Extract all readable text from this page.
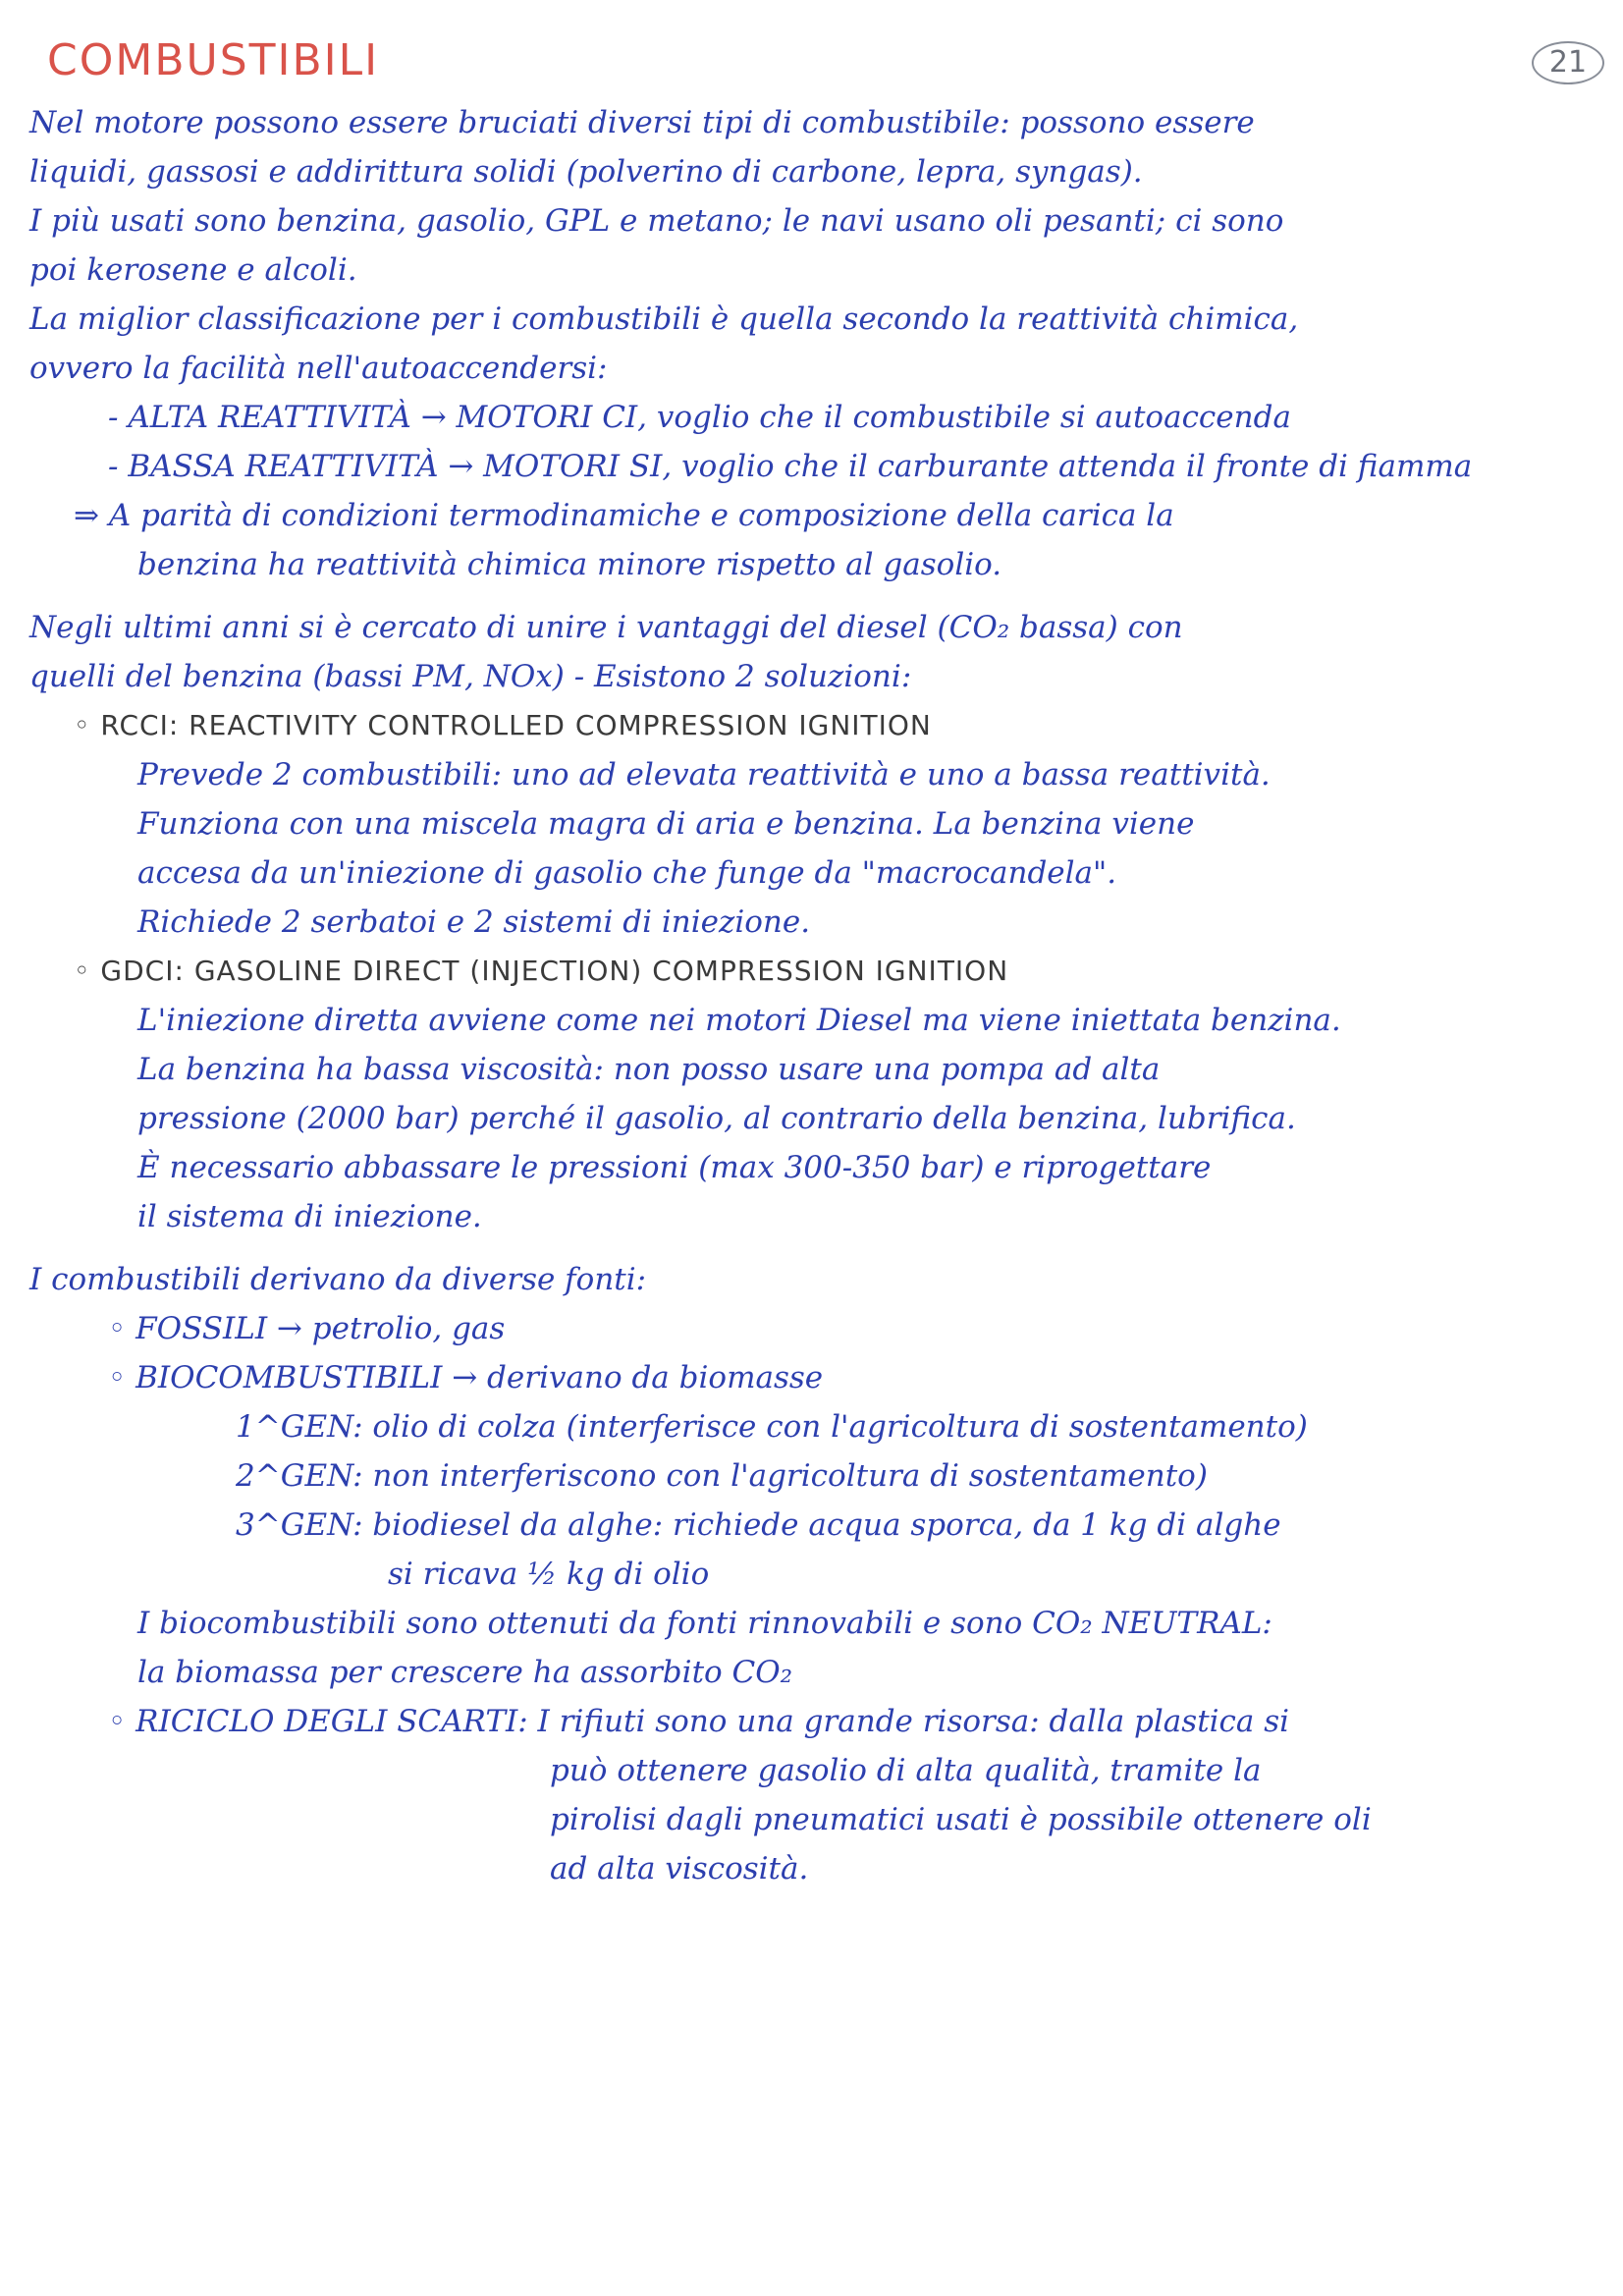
COMBUSTIBILI	21
Nel motore possono essere bruciati diversi tipi di combustibile: possono essere
liquidi, gassosi e addirittura solidi (polverino di carbone, lepra, syngas).
I più usati sono benzina, gasolio, GPL e metano; le navi usano oli pesanti; ci sono
poi kerosene e alcoli.
La miglior classificazione per i combustibili è quella secondo la reattività chimica,
ovvero la facilità nell'autoaccendersi:
- ALTA REATTIVITÀ → MOTORI CI, voglio che il combustibile si autoaccenda
- BASSA REATTIVITÀ → MOTORI SI, voglio che il carburante attenda il fronte di fiamma
⇒ A parità di condizioni termodinamiche e composizione della carica la
benzina ha reattività chimica minore rispetto al gasolio.
Negli ultimi anni si è cercato di unire i vantaggi del diesel (CO₂ bassa) con
quelli del benzina (bassi PM, NOx) - Esistono 2 soluzioni:
◦ RCCI: REACTIVITY CONTROLLED COMPRESSION IGNITION
Prevede 2 combustibili: uno ad elevata reattività e uno a bassa reattività.
Funziona con una miscela magra di aria e benzina. La benzina viene
accesa da un'iniezione di gasolio che funge da "macrocandela".
Richiede 2 serbatoi e 2 sistemi di iniezione.
◦ GDCI: GASOLINE DIRECT (INJECTION) COMPRESSION IGNITION
L'iniezione diretta avviene come nei motori Diesel ma viene iniettata benzina.
La benzina ha bassa viscosità: non posso usare una pompa ad alta
pressione (2000 bar) perché il gasolio, al contrario della benzina, lubrifica.
È necessario abbassare le pressioni (max 300-350 bar) e riprogettare
il sistema di iniezione.
I combustibili derivano da diverse fonti:
◦ FOSSILI → petrolio, gas
◦ BIOCOMBUSTIBILI → derivano da biomasse
1^GEN: olio di colza (interferisce con l'agricoltura di sostentamento)
2^GEN: non interferiscono con l'agricoltura di sostentamento)
3^GEN: biodiesel da alghe: richiede acqua sporca, da 1 kg di alghe
si ricava ½ kg di olio
I biocombustibili sono ottenuti da fonti rinnovabili e sono CO₂ NEUTRAL:
la biomassa per crescere ha assorbito CO₂
◦ RICICLO DEGLI SCARTI: I rifiuti sono una grande risorsa: dalla plastica si
può ottenere gasolio di alta qualità, tramite la
pirolisi dagli pneumatici usati è possibile ottenere oli
ad alta viscosità.
